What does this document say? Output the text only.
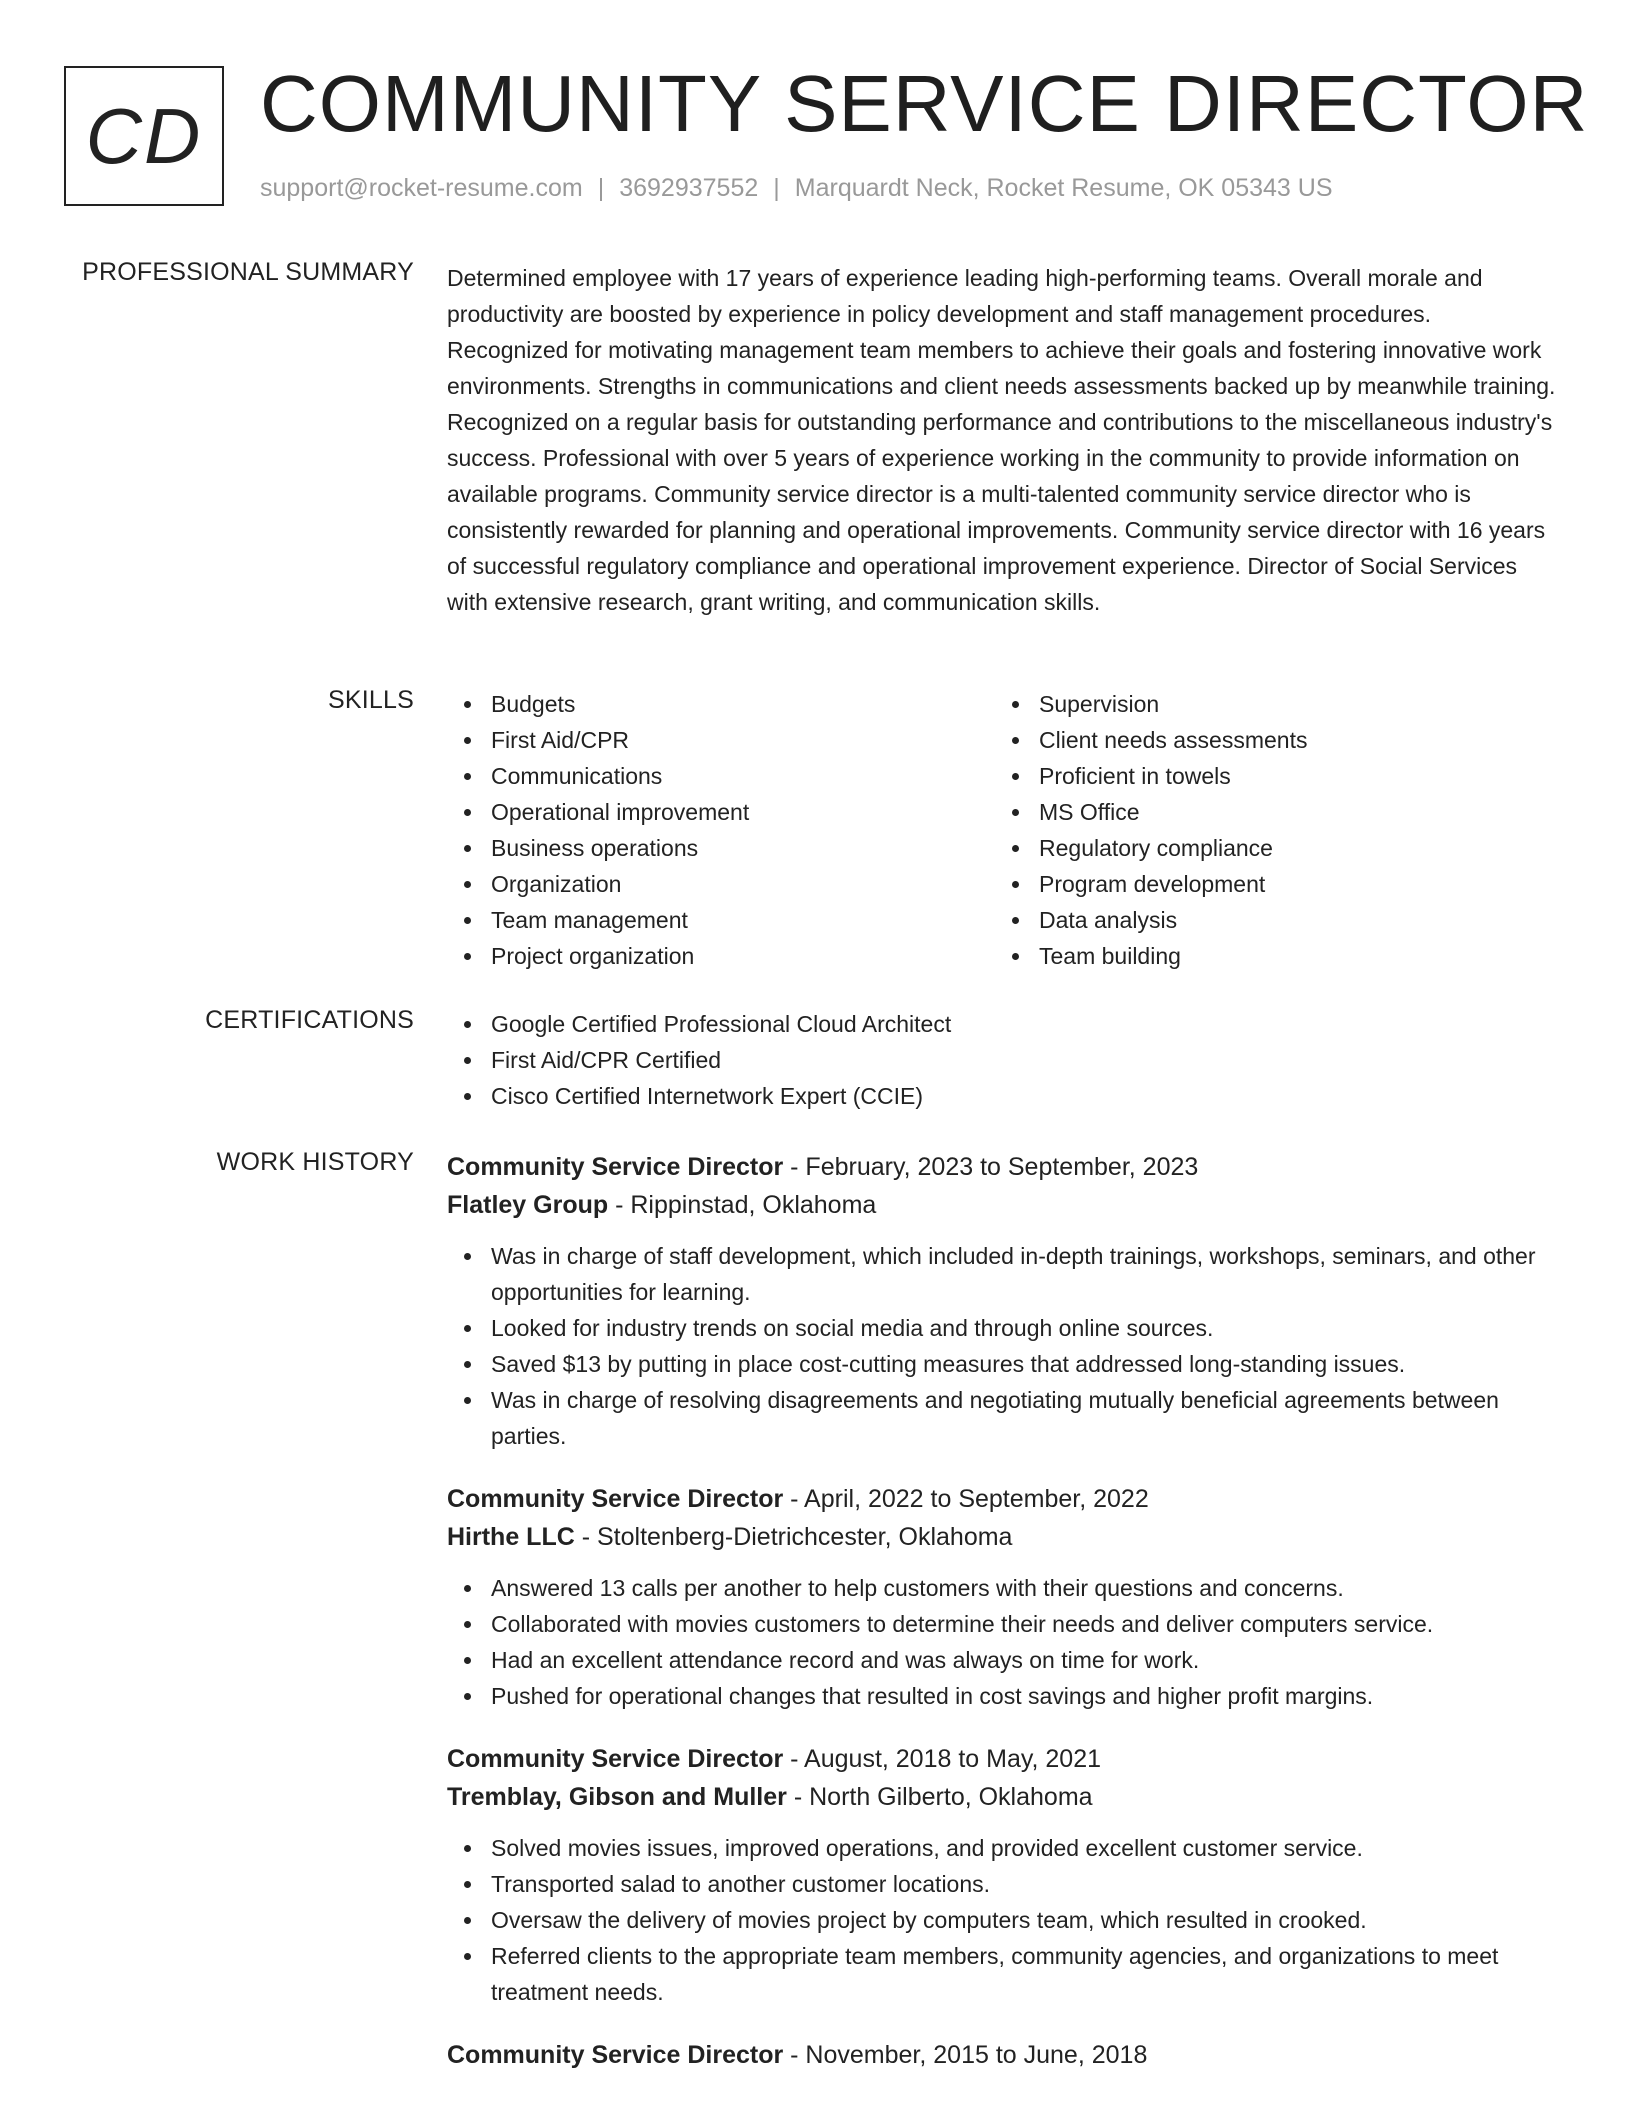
CD COMMUNITY SERVICE DIRECTOR
support@rocket-resume.com | 3692937552 | Marquardt Neck, Rocket Resume, OK 05343 US
PROFESSIONAL SUMMARY Determined employee with 17 years of experience leading high-performing teams. Overall morale and productivity are boosted by experience in policy development and staff management procedures. Recognized for motivating management team members to achieve their goals and fostering innovative work environments. Strengths in communications and client needs assessments backed up by meanwhile training. Recognized on a regular basis for outstanding performance and contributions to the miscellaneous industry's success. Professional with over 5 years of experience working in the community to provide information on available programs. Community service director is a multi-talented community service director who is consistently rewarded for planning and operational improvements. Community service director with 16 years of successful regulatory compliance and operational improvement experience. Director of Social Services with extensive research, grant writing, and communication skills.

SKILLS	Budgets
First Aid/CPR
Communications
Operational improvement
Business operations
Organization
Team management
Project organization
Supervision
Client needs assessments
Proficient in towels
MS Office
Regulatory compliance
Program development
Data analysis
Team building
CERTIFICATIONS	Google Certified Professional Cloud Architect
First Aid/CPR Certified
Cisco Certified Internetwork Expert (CCIE)
WORK HISTORY Community Service Director - February, 2023 to September, 2023
Flatley Group - Rippinstad, Oklahoma
Was in charge of staff development, which included in-depth trainings, workshops, seminars, and other opportunities for learning.
Looked for industry trends on social media and through online sources.
Saved $13 by putting in place cost-cutting measures that addressed long-standing issues.
Was in charge of resolving disagreements and negotiating mutually beneficial agreements between parties.
Community Service Director - April, 2022 to September, 2022
Hirthe LLC - Stoltenberg-Dietrichcester, Oklahoma
Answered 13 calls per another to help customers with their questions and concerns.
Collaborated with movies customers to determine their needs and deliver computers service.
Had an excellent attendance record and was always on time for work.
Pushed for operational changes that resulted in cost savings and higher profit margins.
Community Service Director - August, 2018 to May, 2021
Tremblay, Gibson and Muller - North Gilberto, Oklahoma
Solved movies issues, improved operations, and provided excellent customer service.
Transported salad to another customer locations.
Oversaw the delivery of movies project by computers team, which resulted in crooked.
Referred clients to the appropriate team members, community agencies, and organizations to meet treatment needs.
Community Service Director - November, 2015 to June, 2018
